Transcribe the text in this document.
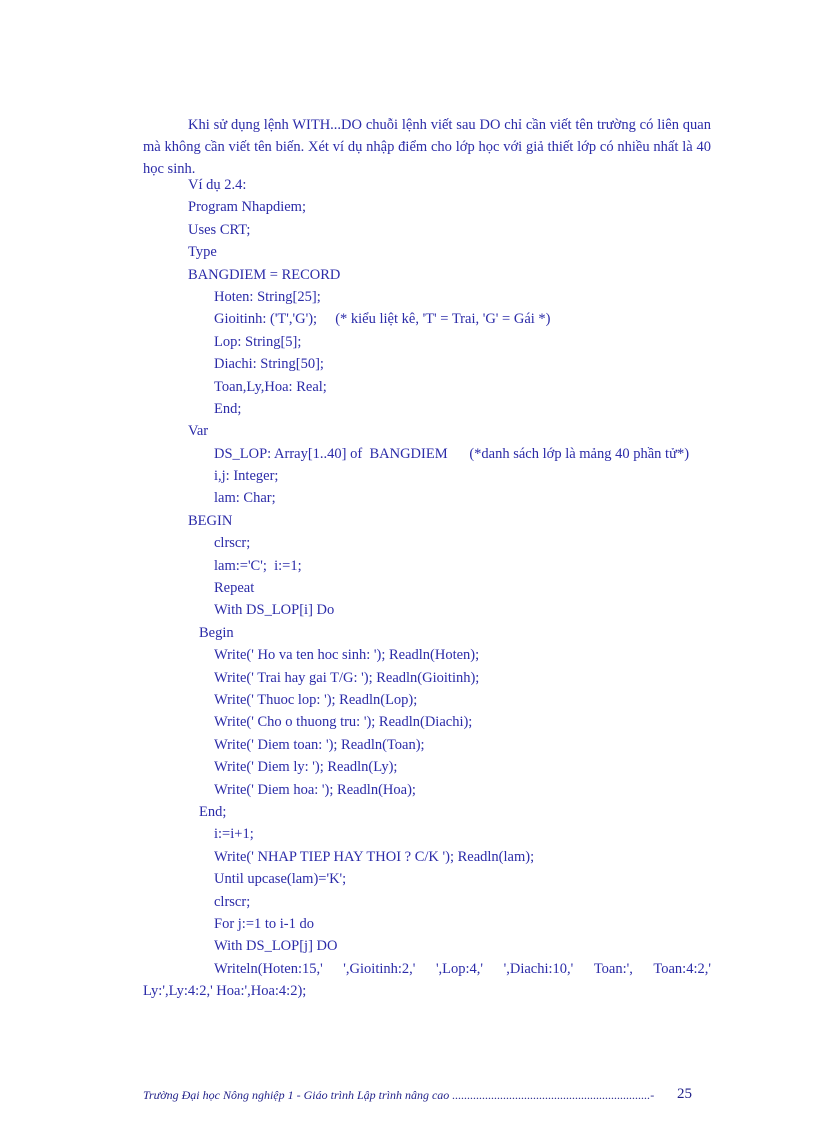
Khi sử dụng lệnh WITH...DO chuỗi lệnh viết sau DO chỉ cần viết tên trường có liên quan mà không cần viết tên biến. Xét ví dụ nhập điểm cho lớp học với giả thiết lớp có nhiều nhất là 40 học sinh.

Ví dụ 2.4:
Program Nhapdiem;
Uses CRT;
Type
BANGDIEM = RECORD
Hoten: String[25];
Gioitinh: ('T','G');     (* kiểu liệt kê, 'T' = Trai, 'G' = Gái *)
Lop: String[5];
Diachi: String[50];
Toan,Ly,Hoa: Real;
End;
Var
DS_LOP: Array[1..40] of  BANGDIEM      (*danh sách lớp là mảng 40 phần tử*)
i,j: Integer;
lam: Char;
BEGIN
clrscr;
lam:='C';  i:=1;
Repeat
With DS_LOP[i] Do
Begin
Write(' Ho va ten hoc sinh: '); Readln(Hoten);
Write(' Trai hay gai T/G: '); Readln(Gioitinh);
Write(' Thuoc lop: '); Readln(Lop);
Write(' Cho o thuong tru: '); Readln(Diachi);
Write(' Diem toan: '); Readln(Toan);
Write(' Diem ly: '); Readln(Ly);
Write(' Diem hoa: '); Readln(Hoa);
End;
i:=i+1;
Write(' NHAP TIEP HAY THOI ? C/K '); Readln(lam);
Until upcase(lam)='K';
clrscr;
For j:=1 to i-1 do
With DS_LOP[j] DO
Writeln(Hoten:15,' ',Gioitinh:2,' ',Lop:4,' ',Diachi:10,' Toan:', Toan:4:2,'
Ly:',Ly:4:2,' Hoa:',Hoa:4:2);
Trường Đại học Nông nghiệp 1 - Giáo trình Lập trình nâng cao ..................................................................-	25
